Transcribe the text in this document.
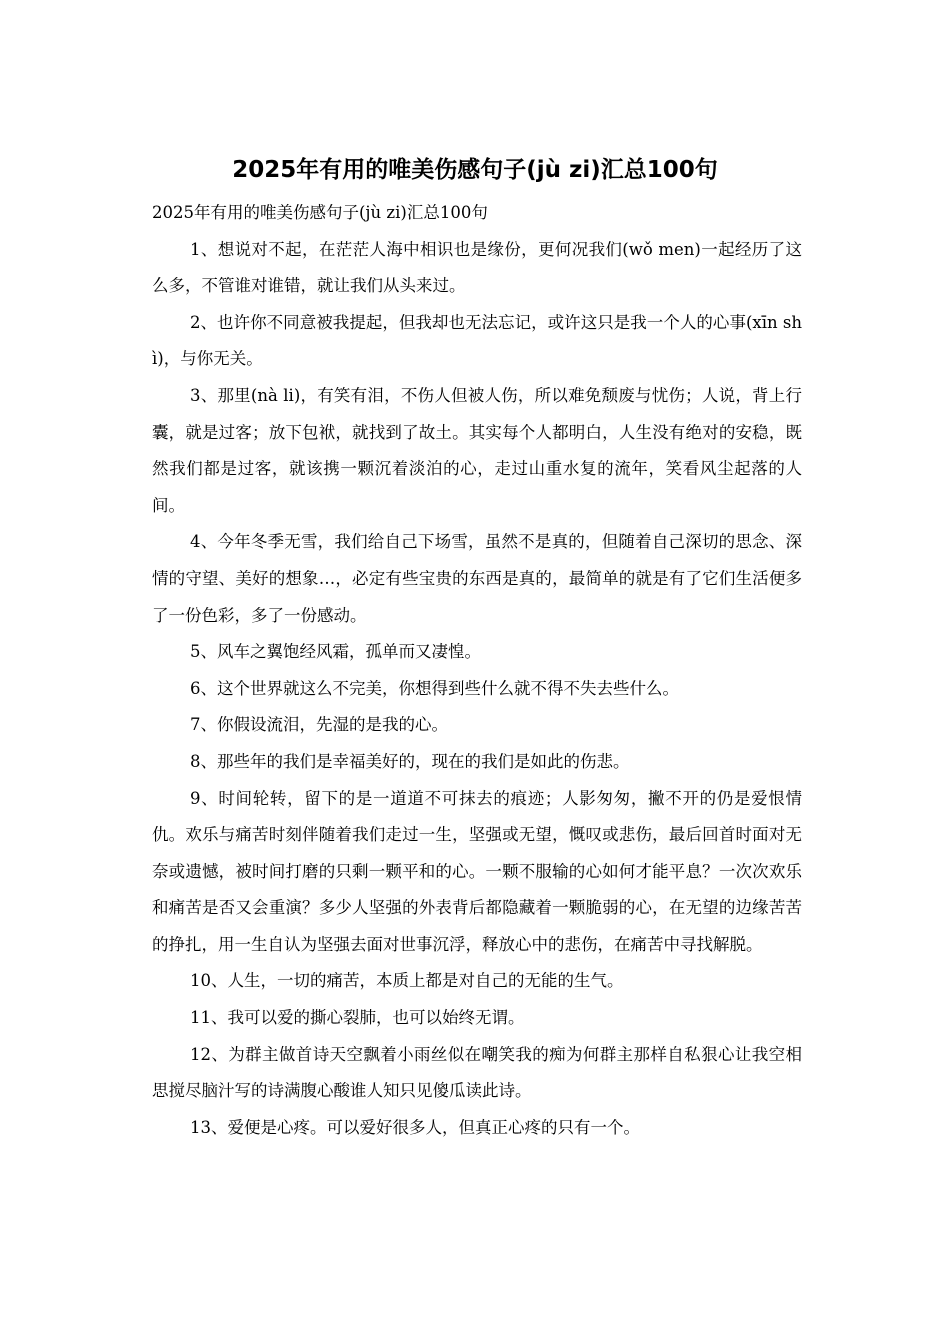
2025年有用的唯美伤感句子(jù zi)汇总100句

2025年有用的唯美伤感句子(jù zi)汇总100句

1、想说对不起，在茫茫人海中相识也是缘份，更何况我们(wǒ men)一起经历了这么多，不管谁对谁错，就让我们从头来过。

2、也许你不同意被我提起，但我却也无法忘记，或许这只是我一个人的心事(xīn shì)，与你无关。

3、那里(nà li)，有笑有泪，不伤人但被人伤，所以难免颓废与忧伤；人说，背上行囊，就是过客；放下包袱，就找到了故土。其实每个人都明白，人生没有绝对的安稳，既然我们都是过客，就该携一颗沉着淡泊的心，走过山重水复的流年，笑看风尘起落的人间。

4、今年冬季无雪，我们给自己下场雪，虽然不是真的，但随着自己深切的思念、深情的守望、美好的想象…，必定有些宝贵的东西是真的，最简单的就是有了它们生活便多了一份色彩，多了一份感动。

5、风车之翼饱经风霜，孤单而又凄惶。

6、这个世界就这么不完美，你想得到些什么就不得不失去些什么。

7、你假设流泪，先湿的是我的心。

8、那些年的我们是幸福美好的，现在的我们是如此的伤悲。

9、时间轮转，留下的是一道道不可抹去的痕迹；人影匆匆，撇不开的仍是爱恨情仇。欢乐与痛苦时刻伴随着我们走过一生，坚强或无望，慨叹或悲伤，最后回首时面对无奈或遗憾，被时间打磨的只剩一颗平和的心。一颗不服输的心如何才能平息？一次次欢乐和痛苦是否又会重演？多少人坚强的外表背后都隐藏着一颗脆弱的心，在无望的边缘苦苦的挣扎，用一生自认为坚强去面对世事沉浮，释放心中的悲伤，在痛苦中寻找解脱。

10、人生，一切的痛苦，本质上都是对自己的无能的生气。

11、我可以爱的撕心裂肺，也可以始终无谓。

12、为群主做首诗天空飘着小雨丝似在嘲笑我的痴为何群主那样自私狠心让我空相思搅尽脑汁写的诗满腹心酸谁人知只见傻瓜读此诗。

13、爱便是心疼。可以爱好很多人，但真正心疼的只有一个。
